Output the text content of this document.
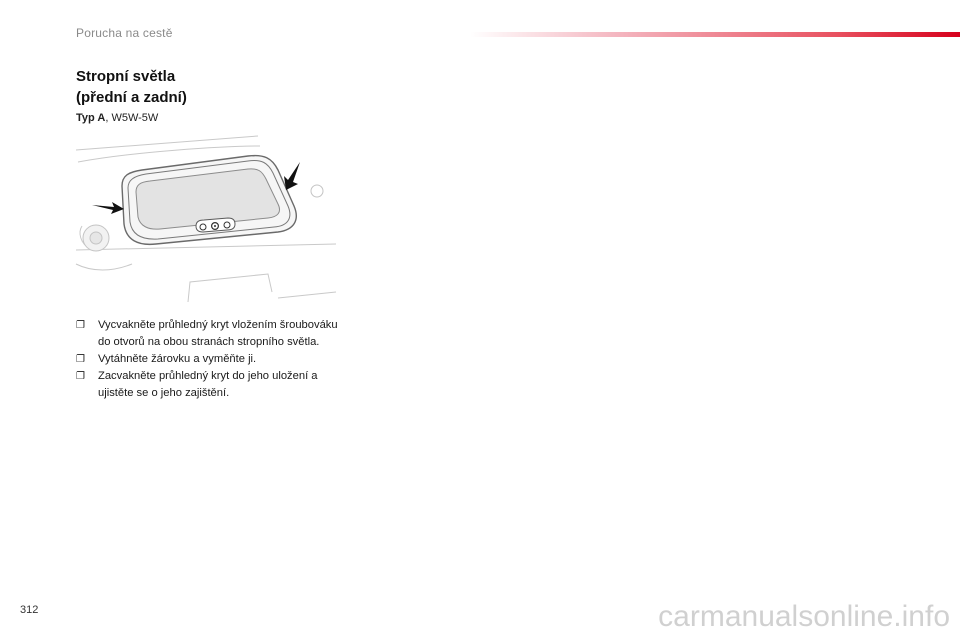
Porucha na cestě
Stropní světla
(přední a zadní)
Typ A, W5W-5W
❐ Vycvakněte průhledný kryt vložením šroubováku do otvorů na obou stranách stropního světla.
❐ Vytáhněte žárovku a vyměňte ji.
❐ Zacvakněte průhledný kryt do jeho uložení a ujistěte se o jeho zajištění.
312	carmanualsonline.info
